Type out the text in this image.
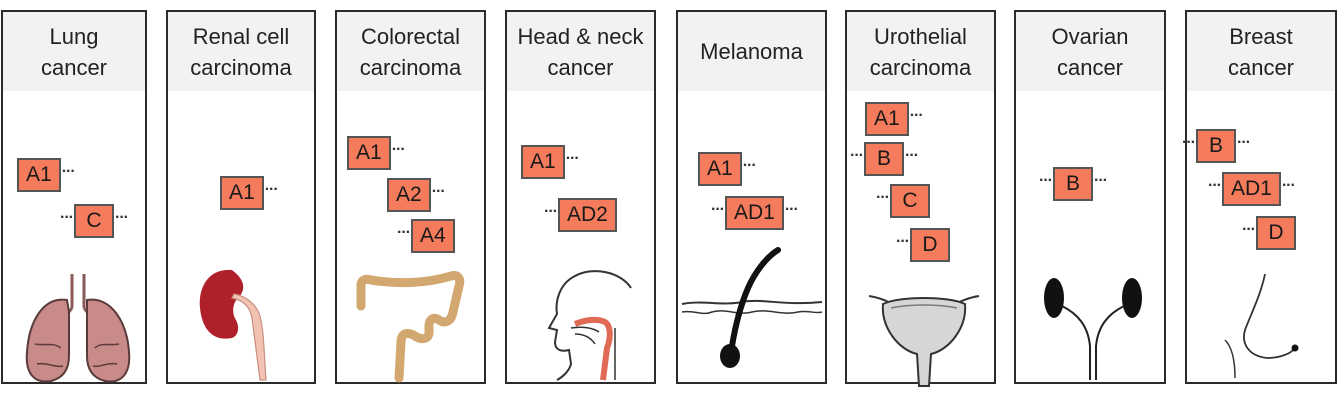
Lung
cancer
A1 ···
··· C ···
Renal cell
carcinoma
A1 ···
Colorectal
carcinoma
A1 ···
A2 ···
··· A4
Head & neck
cancer
A1 ···
··· AD2
Melanoma
A1 ···
··· AD1 ···
Urothelial
carcinoma
A1 ···
··· B ···
··· C
··· D
Ovarian
cancer
··· B ···
Breast
cancer
··· B ···
··· AD1 ···
··· D
